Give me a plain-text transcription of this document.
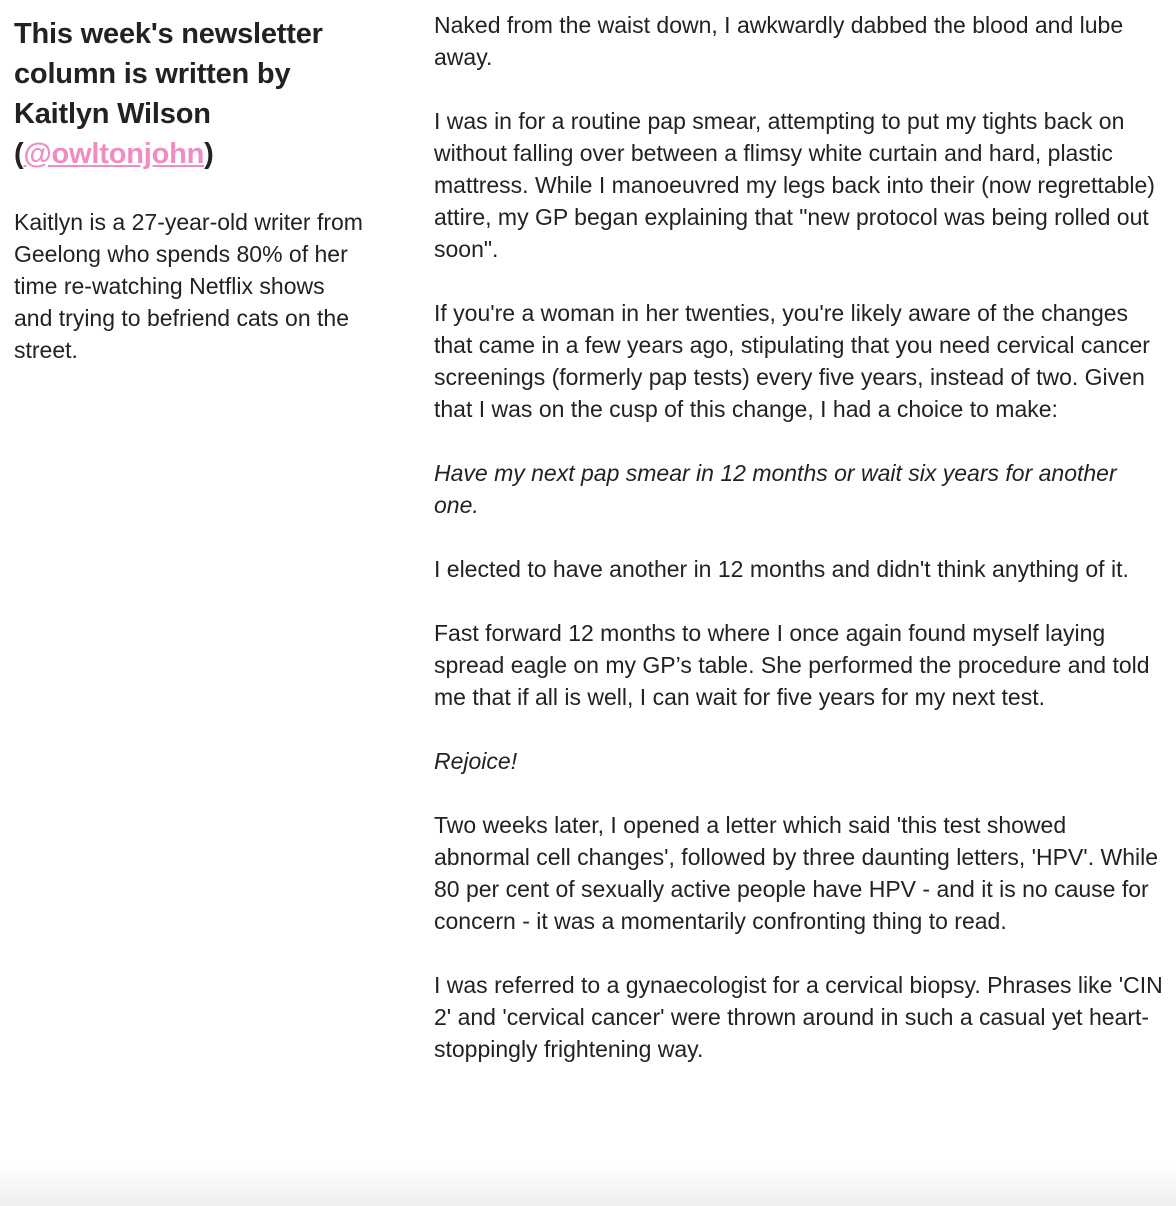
This week's newsletter column is written by Kaitlyn Wilson (@owltonjohn)

Kaitlyn is a 27-year-old writer from Geelong who spends 80% of her time re-watching Netflix shows and trying to befriend cats on the street.

Naked from the waist down, I awkwardly dabbed the blood and lube away.

I was in for a routine pap smear, attempting to put my tights back on without falling over between a flimsy white curtain and hard, plastic mattress. While I manoeuvred my legs back into their (now regrettable) attire, my GP began explaining that "new protocol was being rolled out soon".

If you're a woman in her twenties, you're likely aware of the changes that came in a few years ago, stipulating that you need cervical cancer screenings (formerly pap tests) every five years, instead of two. Given that I was on the cusp of this change, I had a choice to make:

Have my next pap smear in 12 months or wait six years for another one.

I elected to have another in 12 months and didn't think anything of it.

Fast forward 12 months to where I once again found myself laying spread eagle on my GP’s table. She performed the procedure and told me that if all is well, I can wait for five years for my next test.

Rejoice!

Two weeks later, I opened a letter which said 'this test showed abnormal cell changes', followed by three daunting letters, 'HPV'. While 80 per cent of sexually active people have HPV - and it is no cause for concern - it was a momentarily confronting thing to read.

I was referred to a gynaecologist for a cervical biopsy. Phrases like 'CIN 2' and 'cervical cancer' were thrown around in such a casual yet heart-stoppingly frightening way.
